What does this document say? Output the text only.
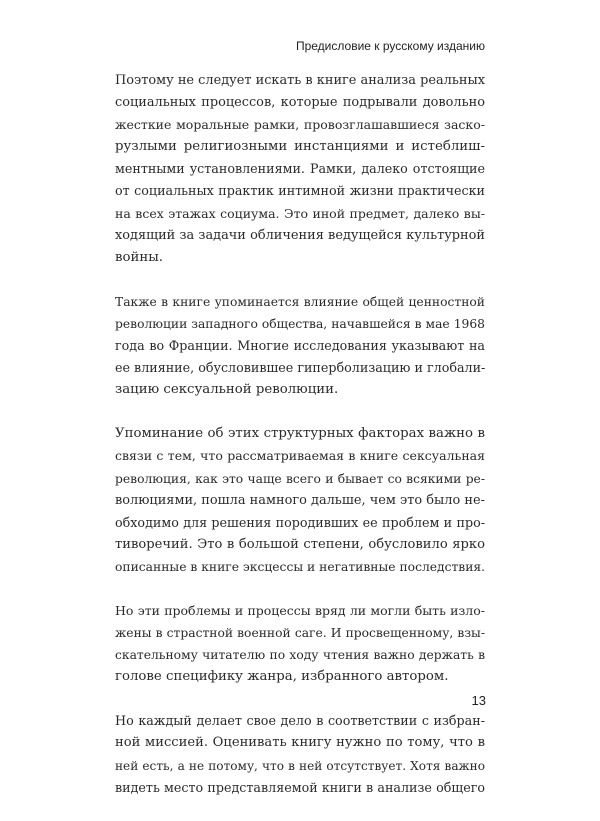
Предисловие к русскому изданию

Поэтому не следует искать в книге анализа реальных
социальных процессов, которые подрывали довольно
жесткие моральные рамки, провозглашавшиеся заско-
рузлыми религиозными инстанциями и истеблиш-
ментными установлениями. Рамки, далеко отстоящие
от социальных практик интимной жизни практически
на всех этажах социума. Это иной предмет, далеко вы-
ходящий за задачи обличения ведущейся культурной
войны.

Также в книге упоминается влияние общей ценностной
революции западного общества, начавшейся в мае 1968
года во Франции. Многие исследования указывают на
ее влияние, обусловившее гиперболизацию и глобали-
зацию сексуальной революции.

Упоминание об этих структурных факторах важно в
связи с тем, что рассматриваемая в книге сексуальная
революция, как это чаще всего и бывает со всякими ре-
волюциями, пошла намного дальше, чем это было не-
обходимо для решения породивших ее проблем и про-
тиворечий. Это в большой степени, обусловило ярко
описанные в книге эксцессы и негативные последствия.

Но эти проблемы и процессы вряд ли могли быть изло-
жены в страстной военной саге. И просвещенному, взы-
скательному читателю по ходу чтения важно держать в
голове специфику жанра, избранного автором.

Но каждый делает свое дело в соответствии с избран-
ной миссией. Оценивать книгу нужно по тому, что в
ней есть, а не потому, что в ней отсутствует. Хотя важно
видеть место представляемой книги в анализе общего

13
